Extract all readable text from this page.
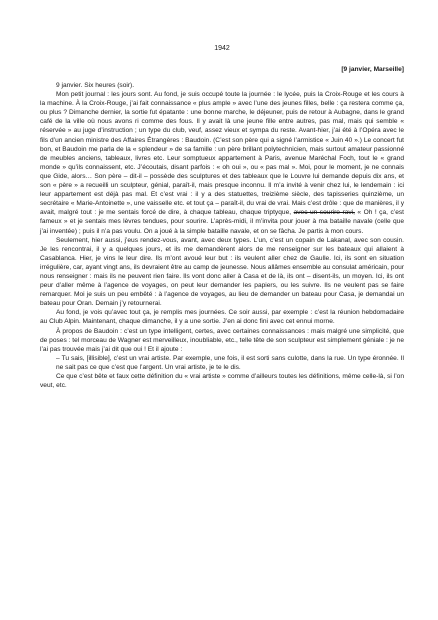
1942
[9 janvier, Marseille]
9 janvier. Six heures (soir).

Mon petit journal : les jours sont. Au fond, je suis occupé toute la journée : le lycée, puis la Croix-Rouge et les cours à la machine. À la Croix-Rouge, j’ai fait connaissance « plus ample » avec l’une des jeunes filles, belle : ça restera comme ça, ou plus ? Dimanche dernier, la sortie fut épatante : une bonne marche, le déjeuner, puis de retour à Aubagne, dans le grand café de la ville où nous avons ri comme des fous. Il y avait là une jeune fille entre autres, pas mal, mais qui semble « réservée » au juge d’instruction ; un type du club, veuf, assez vieux et sympa du reste. Avant-hier, j’ai été à l’Opéra avec le fils d’un ancien ministre des Affaires Étrangères : Baudoin. (C’est son père qui a signé l’armistice « Juin 40 ».) Le concert fut bon, et Baudoin me parla de la « splendeur » de sa famille : un père brillant polytechnicien, mais surtout amateur passionné de meubles anciens, tableaux, livres etc. Leur somptueux appartement à Paris, avenue Maréchal Foch, tout le « grand monde » qu’ils connaissent, etc. J’écoutais, disant parfois : « oh oui », ou « pas mal ». Moi, pour le moment, je ne connais que Gide, alors… Son père – dit-il – possède des sculptures et des tableaux que le Louvre lui demande depuis dix ans, et son « père » a recueilli un sculpteur, génial, paraît-il, mais presque inconnu. Il m’a invité à venir chez lui, le lendemain : ici leur appartement est déjà pas mal. Et c’est vrai : il y a des statuettes, treizième siècle, des tapisseries quinzième, un secrétaire « Marie-Antoinette », une vaisselle etc. et tout ça – paraît-il, du vrai de vrai. Mais c’est drôle : que de manières, il y avait, malgré tout : je me sentais forcé de dire, à chaque tableau, chaque triptyque, avec un sourire ravi, « Oh ! ça, c’est fameux » et je sentais mes lèvres tendues, pour sourire. L’après-midi, il m’invita pour jouer à ma bataille navale (celle que j’ai inventée) ; puis il n’a pas voulu. On a joué à la simple bataille navale, et on se fâcha. Je partis à mon cours.

Seulement, hier aussi, j’eus rendez-vous, avant, avec deux types. L’un, c’est un copain de Lakanal, avec son cousin. Je les rencontrai, il y a quelques jours, et ils me demandèrent alors de me renseigner sur les bateaux qui allaient à Casablanca. Hier, je vins le leur dire. Ils m’ont avoué leur but : ils veulent aller chez de Gaulle. Ici, ils sont en situation irrégulière, car, ayant vingt ans, ils devraient être au camp de jeunesse. Nous allâmes ensemble au consulat américain, pour nous renseigner : mais ils ne peuvent rien faire. Ils vont donc aller à Casa et de là, ils ont – disent-ils, un moyen. Ici, ils ont peur d’aller même à l’agence de voyages, on peut leur demander les papiers, ou les suivre. Ils ne veulent pas se faire remarquer. Moi je suis un peu embêté : à l’agence de voyages, au lieu de demander un bateau pour Casa, je demandai un bateau pour Oran. Demain j’y retournerai.

Au fond, je vois qu’avec tout ça, je remplis mes journées. Ce soir aussi, par exemple : c’est la réunion hebdomadaire au Club Alpin. Maintenant, chaque dimanche, il y a une sortie. J’en ai donc fini avec cet ennui morne.

À propos de Baudoin : c’est un type intelligent, certes, avec certaines connaissances : mais malgré une simplicité, que de poses : tel morceau de Wagner est merveilleux, inoubliable, etc., telle tête de son sculpteur est simplement géniale : je ne l’ai pas trouvée mais j’ai dit que oui ! Et il ajoute :

– Tu sais, [illisible], c’est un vrai artiste. Par exemple, une fois, il est sorti sans culotte, dans la rue. Un type éronnée. Il ne sait pas ce que c’est que l’argent. Un vrai artiste, je te le dis.

Ce que c’est bête et faux cette définition du « vrai artiste » comme d’ailleurs toutes les définitions, même celle-là, si l’on veut, etc.
